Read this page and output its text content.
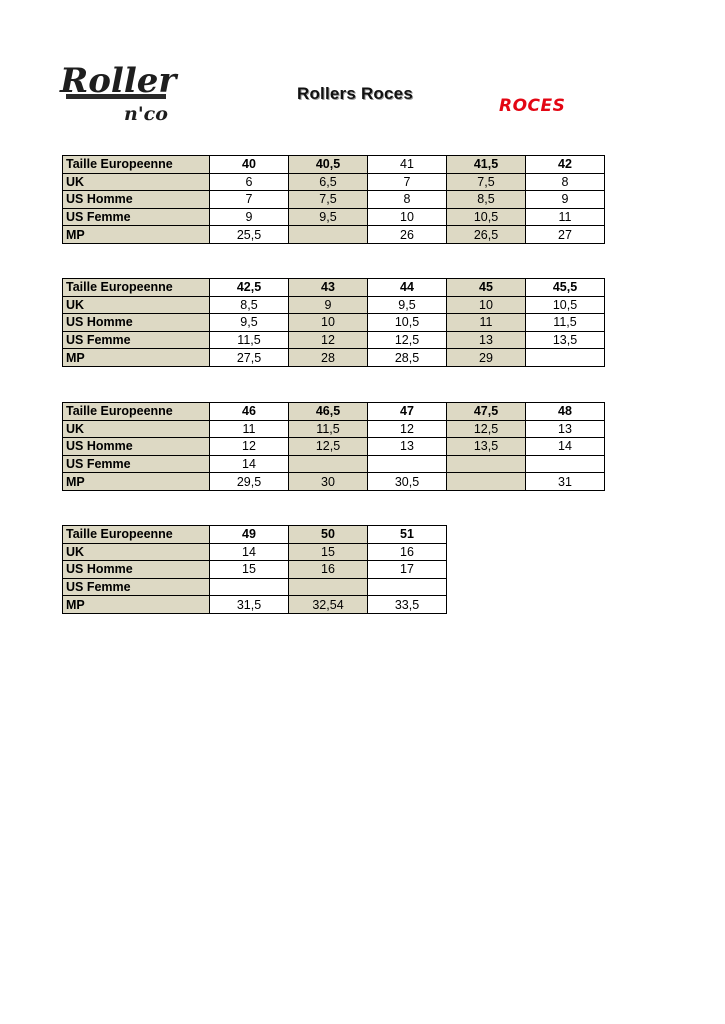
Roller
n'co
Rollers Roces
ROCES
Taille Europeenne	40	40,5	41	41,5	42
UK	6	6,5	7	7,5	8
US Homme	7	7,5	8	8,5	9
US Femme	9	9,5	10	10,5	11
MP	25,5		26	26,5	27
Taille Europeenne	42,5	43	44	45	45,5
UK	8,5	9	9,5	10	10,5
US Homme	9,5	10	10,5	11	11,5
US Femme	11,5	12	12,5	13	13,5
MP	27,5	28	28,5	29	
Taille Europeenne	46	46,5	47	47,5	48
UK	11	11,5	12	12,5	13
US Homme	12	12,5	13	13,5	14
US Femme	14				
MP	29,5	30	30,5		31
Taille Europeenne	49	50	51
UK	14	15	16
US Homme	15	16	17
US Femme			
MP	31,5	32,54	33,5
